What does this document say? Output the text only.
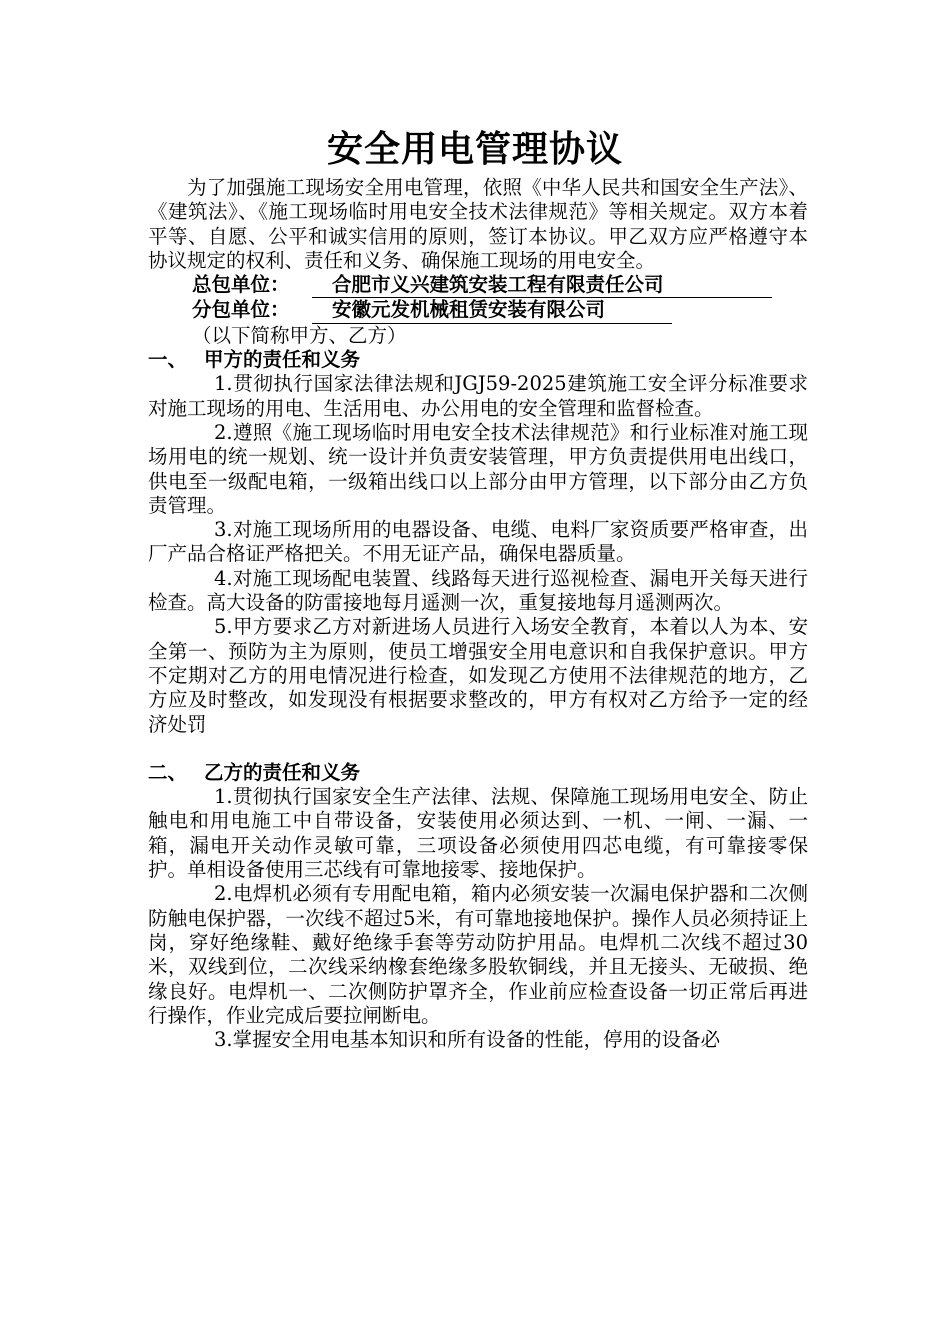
安全用电管理协议

为了加强施工现场安全用电管理，依照《中华人民共和国安全生产法》、《建筑法》、《施工现场临时用电安全技术法律规范》等相关规定。双方本着平等、自愿、公平和诚实信用的原则，签订本协议。甲乙双方应严格遵守本协议规定的权利、责任和义务、确保施工现场的用电安全。

总包单位： 合肥市义兴建筑安装工程有限责任公司

分包单位： 安徽元发机械租赁安装有限公司

（以下简称甲方、乙方）

一、 甲方的责任和义务

1.贯彻执行国家法律法规和JGJ59-2025建筑施工安全评分标准要求对施工现场的用电、生活用电、办公用电的安全管理和监督检查。

2.遵照《施工现场临时用电安全技术法律规范》和行业标准对施工现场用电的统一规划、统一设计并负责安装管理，甲方负责提供用电出线口，供电至一级配电箱，一级箱出线口以上部分由甲方管理，以下部分由乙方负责管理。

3.对施工现场所用的电器设备、电缆、电料厂家资质要严格审查，出厂产品合格证严格把关。不用无证产品，确保电器质量。

4.对施工现场配电装置、线路每天进行巡视检查、漏电开关每天进行检查。高大设备的防雷接地每月遥测一次，重复接地每月遥测两次。

5.甲方要求乙方对新进场人员进行入场安全教育，本着以人为本、安全第一、预防为主为原则，使员工增强安全用电意识和自我保护意识。甲方不定期对乙方的用电情况进行检查，如发现乙方使用不法律规范的地方，乙方应及时整改，如发现没有根据要求整改的，甲方有权对乙方给予一定的经济处罚

二、 乙方的责任和义务

1.贯彻执行国家安全生产法律、法规、保障施工现场用电安全、防止触电和用电施工中自带设备，安装使用必须达到、一机、一闸、一漏、一箱，漏电开关动作灵敏可靠，三项设备必须使用四芯电缆，有可靠接零保护。单相设备使用三芯线有可靠地接零、接地保护。

2.电焊机必须有专用配电箱，箱内必须安装一次漏电保护器和二次侧防触电保护器，一次线不超过5米，有可靠地接地保护。操作人员必须持证上岗，穿好绝缘鞋、戴好绝缘手套等劳动防护用品。电焊机二次线不超过30米，双线到位，二次线采纳橡套绝缘多股软铜线，并且无接头、无破损、绝缘良好。电焊机一、二次侧防护罩齐全，作业前应检查设备一切正常后再进行操作，作业完成后要拉闸断电。

3.掌握安全用电基本知识和所有设备的性能，停用的设备必
